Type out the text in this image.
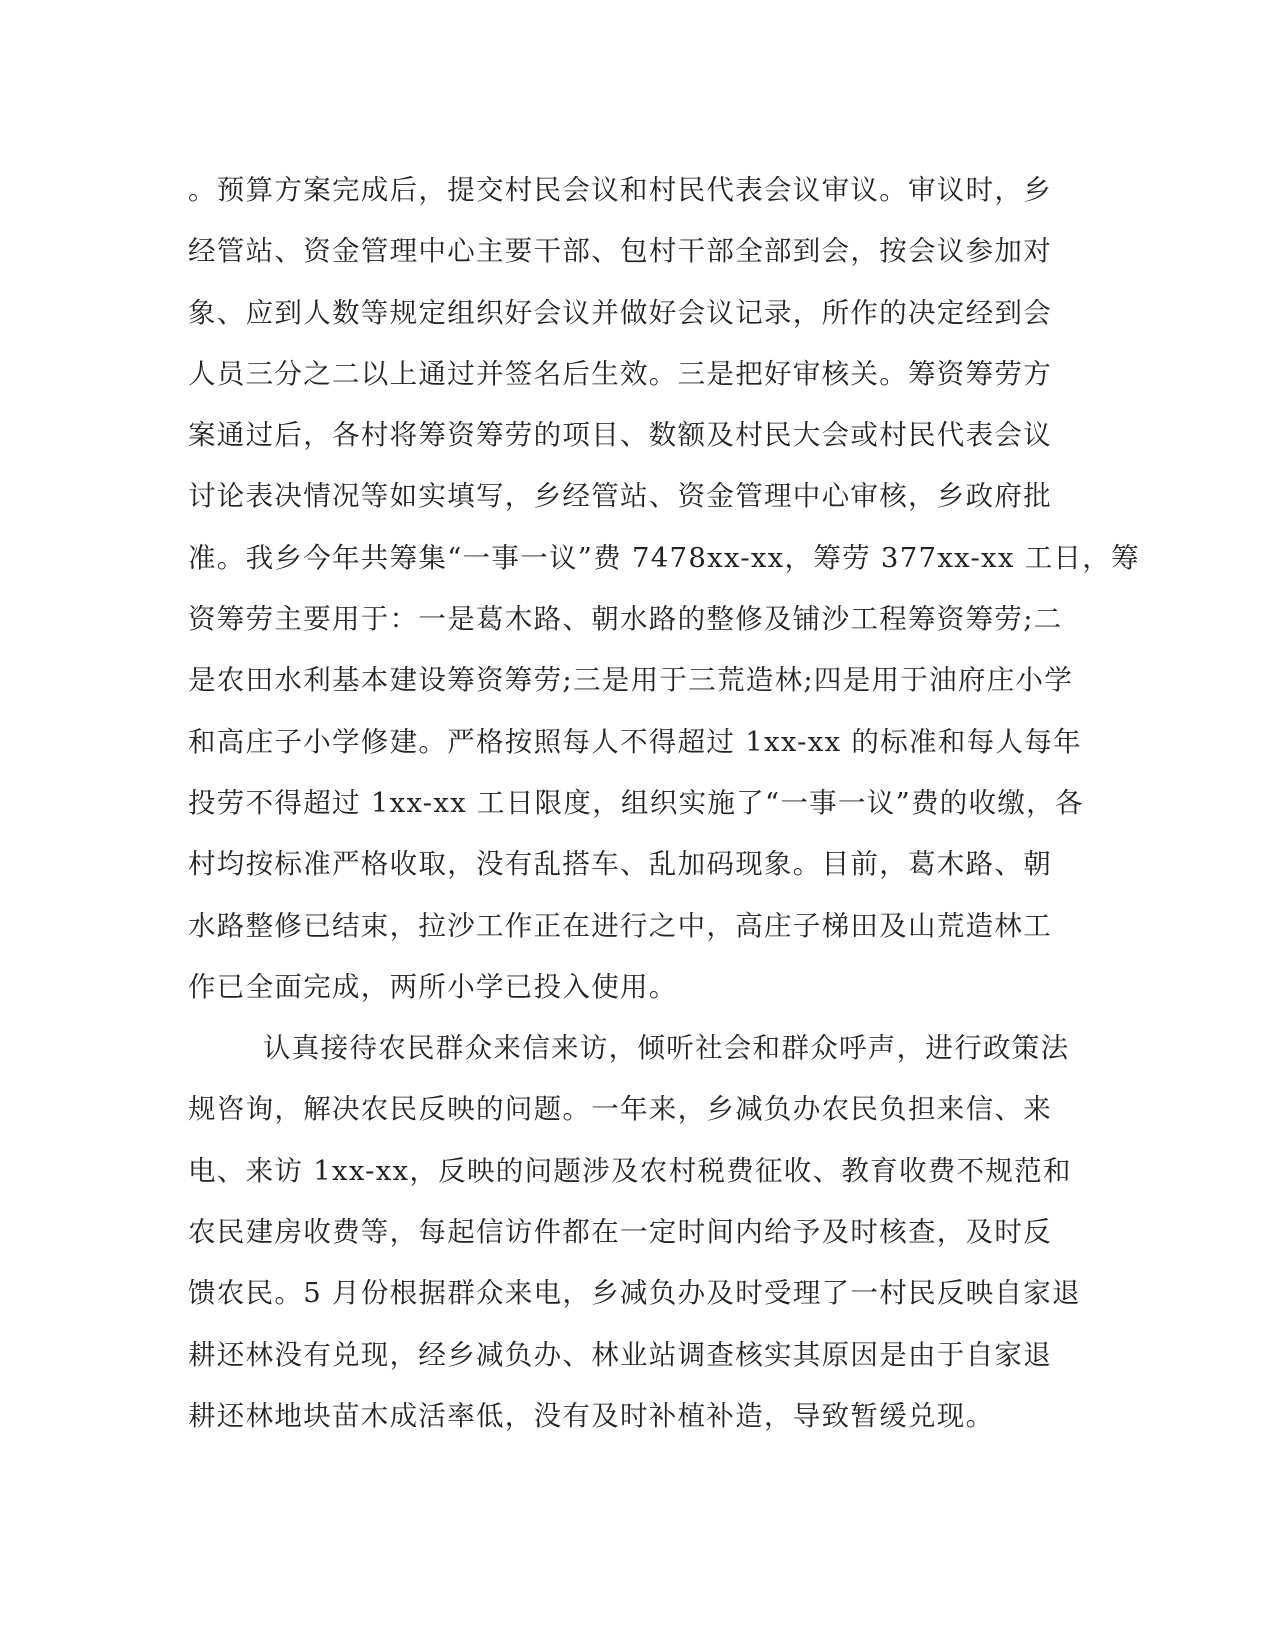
。预算方案完成后，提交村民会议和村民代表会议审议。审议时，乡
经管站、资金管理中心主要干部、包村干部全部到会，按会议参加对
象、应到人数等规定组织好会议并做好会议记录，所作的决定经到会
人员三分之二以上通过并签名后生效。三是把好审核关。筹资筹劳方
案通过后，各村将筹资筹劳的项目、数额及村民大会或村民代表会议
讨论表决情况等如实填写，乡经管站、资金管理中心审核，乡政府批
准。我乡今年共筹集“一事一议”费 7478xx-xx，筹劳 377xx-xx 工日，筹
资筹劳主要用于：一是葛木路、朝水路的整修及铺沙工程筹资筹劳;二
是农田水利基本建设筹资筹劳;三是用于三荒造林;四是用于油府庄小学
和高庄子小学修建。严格按照每人不得超过 1xx-xx 的标准和每人每年
投劳不得超过 1xx-xx 工日限度，组织实施了“一事一议”费的收缴，各
村均按标准严格收取，没有乱搭车、乱加码现象。目前，葛木路、朝
水路整修已结束，拉沙工作正在进行之中，高庄子梯田及山荒造林工
作已全面完成，两所小学已投入使用。
认真接待农民群众来信来访，倾听社会和群众呼声，进行政策法
规咨询，解决农民反映的问题。一年来，乡减负办农民负担来信、来
电、来访 1xx-xx，反映的问题涉及农村税费征收、教育收费不规范和
农民建房收费等，每起信访件都在一定时间内给予及时核查，及时反
馈农民。5 月份根据群众来电，乡减负办及时受理了一村民反映自家退
耕还林没有兑现，经乡减负办、林业站调查核实其原因是由于自家退
耕还林地块苗木成活率低，没有及时补植补造，导致暂缓兑现。
